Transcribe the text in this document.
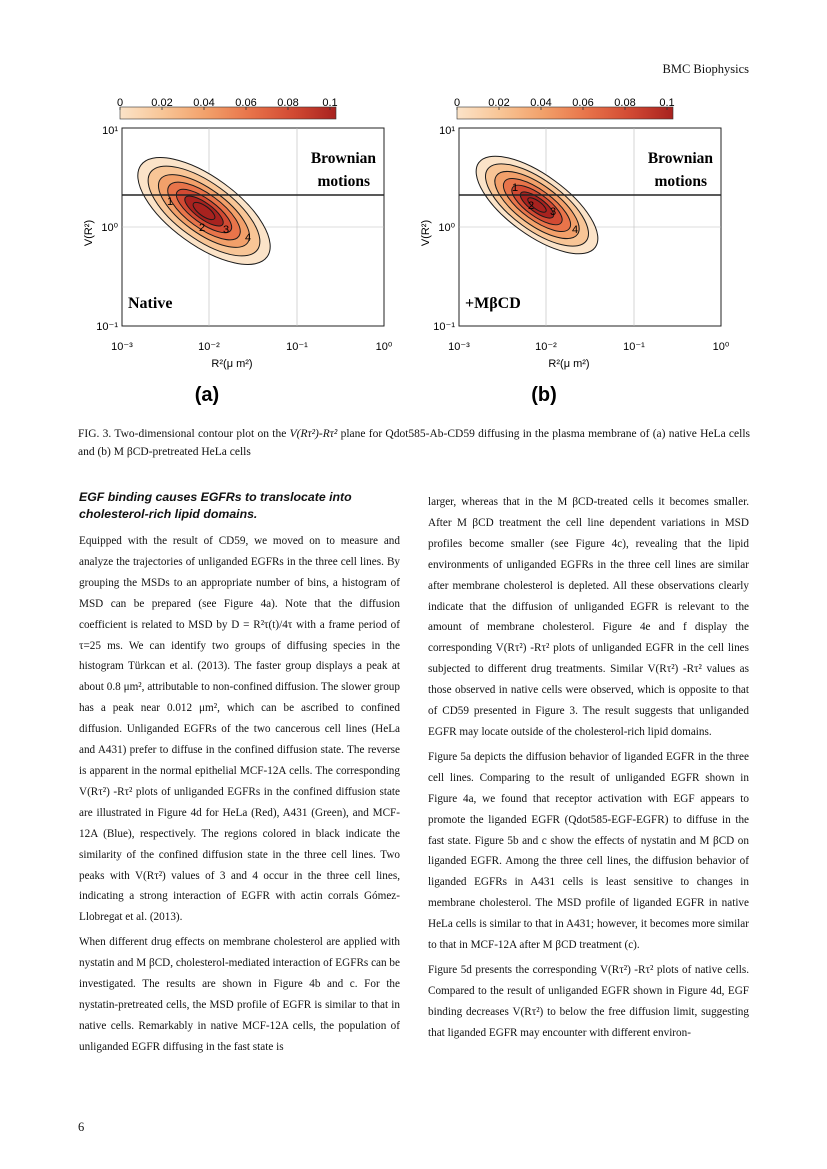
BMC Biophysics
0	0.02 0.04 0.06 0.08 0.1
1
2 3
4
Brownian
motions
Native
10¹
10⁰
10⁻¹
V(R²)
10⁻³	10⁻²	10⁻¹	10⁰
R²(μ m²)
(a)
0	0.02 0.04 0.06 0.08 0.1
1
2 3
4
Brownian
motions
+MβCD
10¹
10⁰
10⁻¹
V(R²)
10⁻³	10⁻²	10⁻¹	10⁰
R²(μ m²)
(b)
FIG. 3. Two-dimensional contour plot on the V(Rτ²)-Rτ² plane for Qdot585-Ab-CD59 diffusing in the plasma membrane of (a) native HeLa cells and (b) M βCD-pretreated HeLa cells
EGF binding causes EGFRs to translocate into cholesterol-rich lipid domains.

Equipped with the result of CD59, we moved on to measure and analyze the trajectories of unliganded EGFRs in the three cell lines. By grouping the MSDs to an appropriate number of bins, a histogram of MSD can be prepared (see Figure 4a). Note that the diffusion coefficient is related to MSD by D = R²τ(t)/4τ with a frame period of τ=25 ms. We can identify two groups of diffusing species in the histogram Türkcan et al. (2013). The faster group displays a peak at about 0.8 μm², attributable to non-confined diffusion. The slower group has a peak near 0.012 μm², which can be ascribed to confined diffusion. Unliganded EGFRs of the two cancerous cell lines (HeLa and A431) prefer to diffuse in the confined diffusion state. The reverse is apparent in the normal epithelial MCF-12A cells. The corresponding V(Rτ²) -Rτ² plots of unliganded EGFRs in the confined diffusion state are illustrated in Figure 4d for HeLa (Red), A431 (Green), and MCF-12A (Blue), respectively. The regions colored in black indicate the similarity of the confined diffusion state in the three cell lines. Two peaks with V(Rτ²) values of 3 and 4 occur in the three cell lines, indicating a strong interaction of EGFR with actin corrals Gómez-Llobregat et al. (2013).

When different drug effects on membrane cholesterol are applied with nystatin and M βCD, cholesterol-mediated interaction of EGFRs can be investigated. The results are shown in Figure 4b and c. For the nystatin-pretreated cells, the MSD profile of EGFR is similar to that in native cells. Remarkably in native MCF-12A cells, the population of unliganded EGFR diffusing in the fast state is

larger, whereas that in the M βCD-treated cells it becomes smaller. After M βCD treatment the cell line dependent variations in MSD profiles become smaller (see Figure 4c), revealing that the lipid environments of unliganded EGFRs in the three cell lines are similar after membrane cholesterol is depleted. All these observations clearly indicate that the diffusion of unliganded EGFR is relevant to the amount of membrane cholesterol. Figure 4e and f display the corresponding V(Rτ²) -Rτ² plots of unliganded EGFR in the cell lines subjected to different drug treatments. Similar V(Rτ²) -Rτ² values as those observed in native cells were observed, which is opposite to that of CD59 presented in Figure 3. The result suggests that unliganded EGFR may locate outside of the cholesterol-rich lipid domains.

Figure 5a depicts the diffusion behavior of liganded EGFR in the three cell lines. Comparing to the result of unliganded EGFR shown in Figure 4a, we found that receptor activation with EGF appears to promote the liganded EGFR (Qdot585-EGF-EGFR) to diffuse in the fast state. Figure 5b and c show the effects of nystatin and M βCD on liganded EGFR. Among the three cell lines, the diffusion behavior of liganded EGFRs in A431 cells is least sensitive to changes in membrane cholesterol. The MSD profile of liganded EGFR in native HeLa cells is similar to that in A431; however, it becomes more similar to that in MCF-12A after M βCD treatment (c).

Figure 5d presents the corresponding V(Rτ²) -Rτ² plots of native cells. Compared to the result of unliganded EGFR shown in Figure 4d, EGF binding decreases V(Rτ²) to below the free diffusion limit, suggesting that liganded EGFR may encounter with different environ-

6
